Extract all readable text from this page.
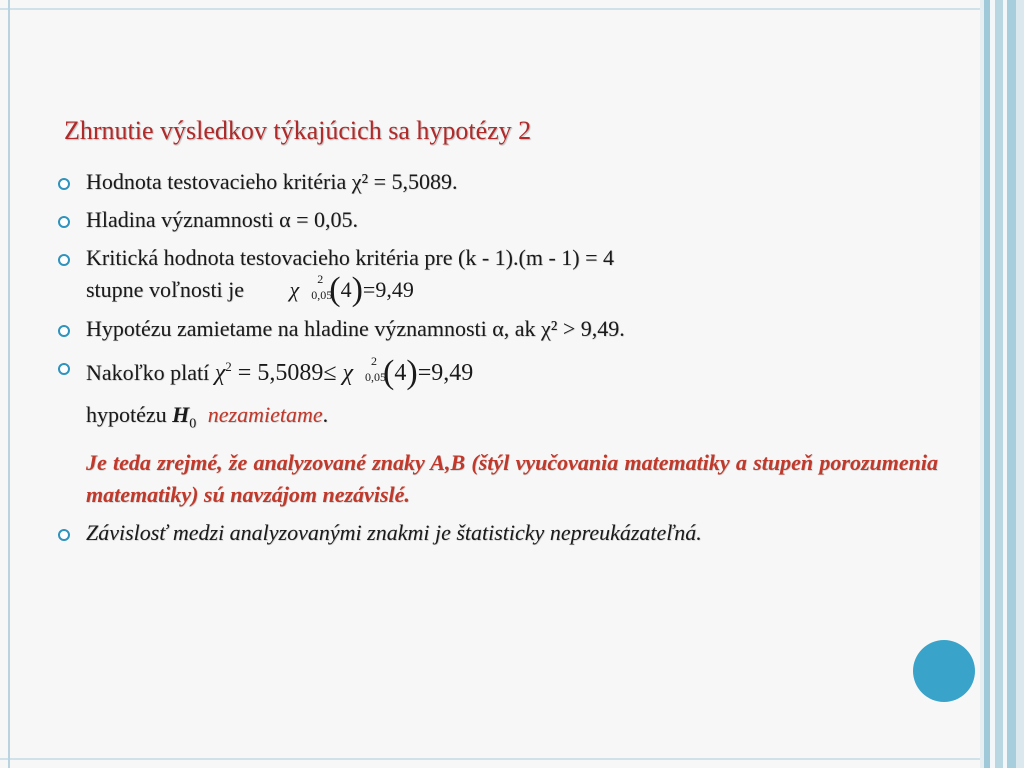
Zhrnutie výsledkov týkajúcich sa hypotézy 2
Hodnota testovacieho kritéria χ² = 5,5089.
Hladina významnosti α = 0,05.
Kritická hodnota testovacieho kritéria pre (k - 1).(m - 1) = 4
stupne voľnosti je χ 2
0,05
(4)=9,49
Hypotézu zamietame na hladine významnosti α, ak χ² > 9,49.
Nakoľko platí $\chi^2 = 5,5089\le \chi$ 2
0,05
(4)=9,49
hypotézu $H_0$ nezamietame.
Je teda zrejmé, že analyzované znaky A,B (štýl vyučovania matematiky a stupeň porozumenia matematiky) sú navzájom nezávislé.
Závislosť medzi analyzovanými znakmi je štatisticky nepreukázateľná.
